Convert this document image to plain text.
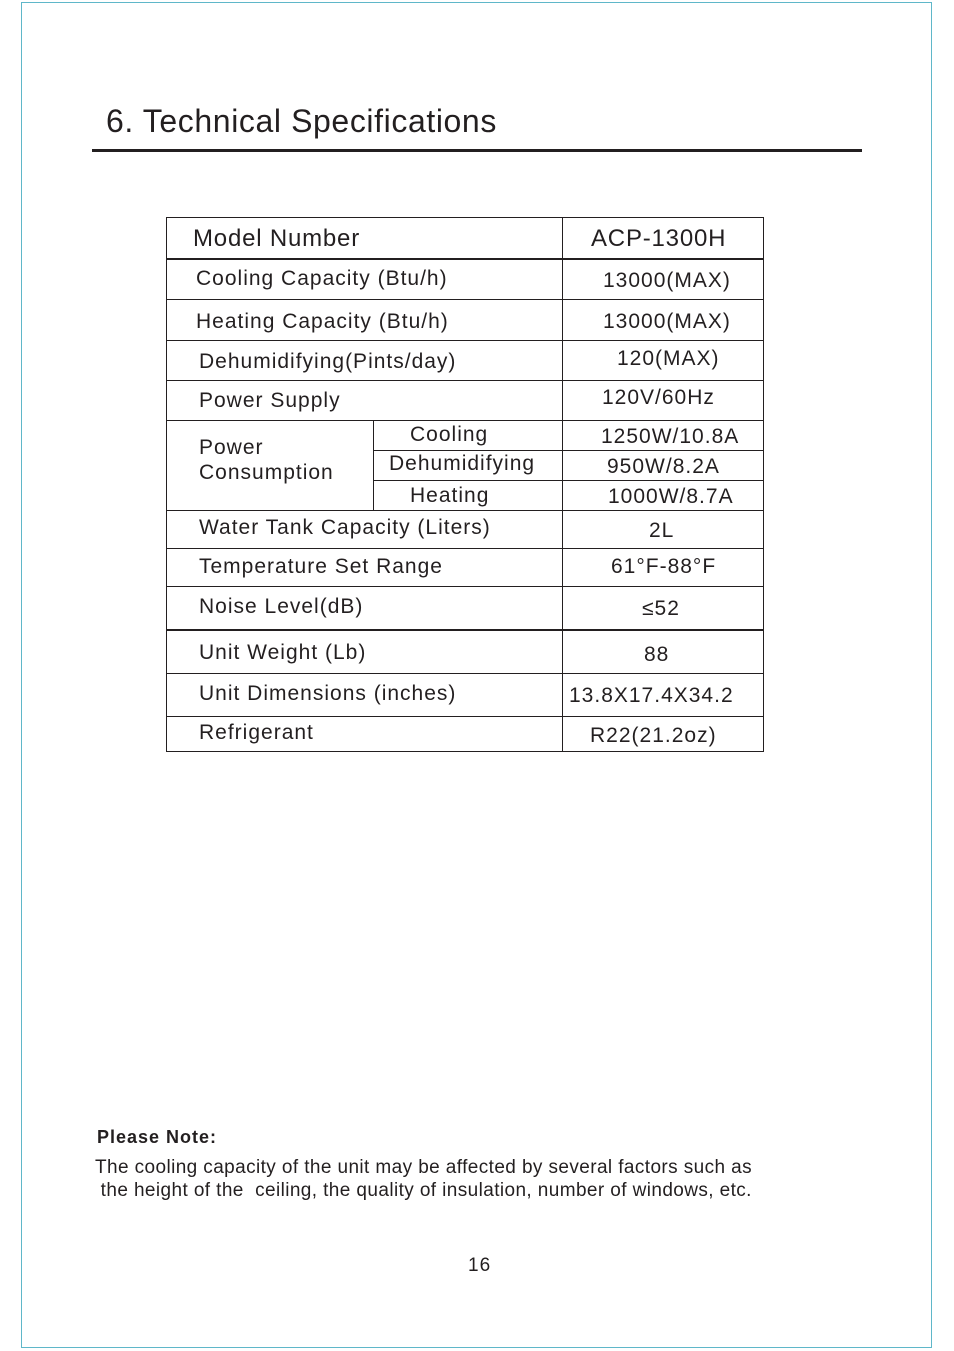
6. Technical Specifications
Model Number	ACP-1300H
Cooling Capacity (Btu/h)	13000(MAX)
Heating Capacity (Btu/h)	13000(MAX)
Dehumidifying(Pints/day)	120(MAX)
Power Supply	120V/60Hz
Power
Consumption
Cooling	1250W/10.8A
Dehumidifying	950W/8.2A
Heating	1000W/8.7A
Water Tank Capacity (Liters)	2L
Temperature Set Range	61°F-88°F
Noise Level(dB)	≤52
Unit Weight (Lb)	88
Unit Dimensions (inches)	13.8X17.4X34.2
Refrigerant	R22(21.2oz)
Please Note:
The cooling capacity of the unit may be affected by several factors such as
the height of the  ceiling, the quality of insulation, number of windows, etc.
16
